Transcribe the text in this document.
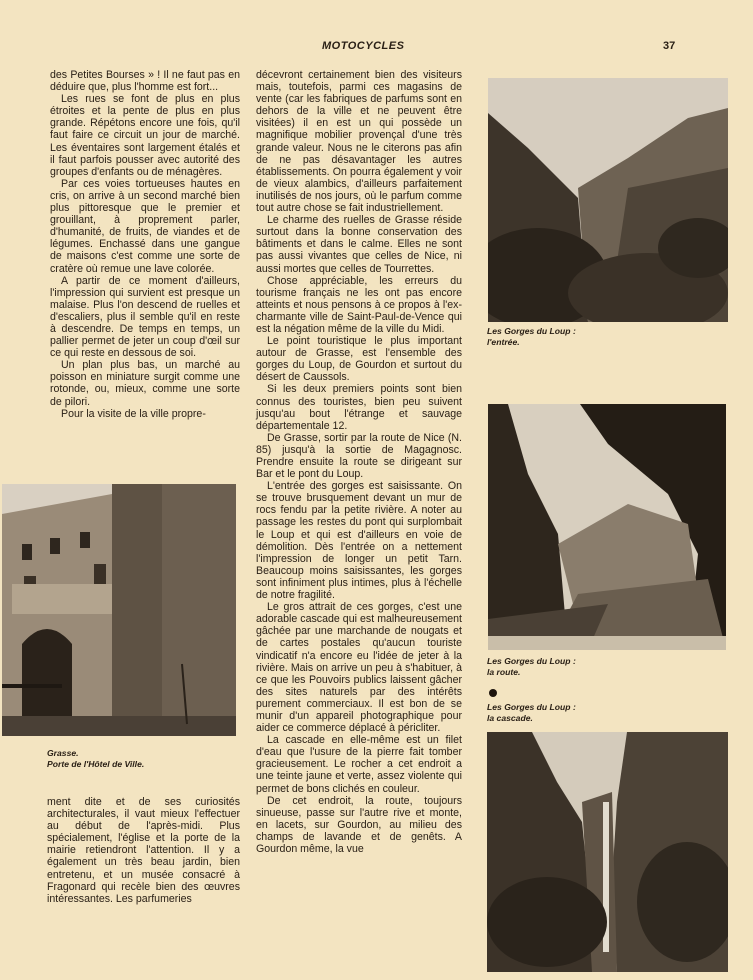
MOTOCYCLES	37

des Petites Bourses » ! Il ne faut pas en déduire que, plus l'homme est fort...

Les rues se font de plus en plus étroites et la pente de plus en plus grande. Répétons encore une fois, qu'il faut faire ce circuit un jour de marché. Les éventaires sont largement étalés et il faut parfois pousser avec autorité des groupes d'enfants ou de ménagères.

Par ces voies tortueuses hautes en cris, on arrive à un second marché bien plus pittoresque que le premier et grouillant, à proprement parler, d'humanité, de fruits, de viandes et de légumes. Enchassé dans une gangue de maisons c'est comme une sorte de cratère où remue une lave colorée.

A partir de ce moment d'ailleurs, l'impression qui survient est presque un malaise. Plus l'on descend de ruelles et d'escaliers, plus il semble qu'il en reste à descendre. De temps en temps, un pallier permet de jeter un coup d'œil sur ce qui reste en dessous de soi.

Un plan plus bas, un marché au poisson en miniature surgit comme une rotonde, ou, mieux, comme une sorte de pilori.

Pour la visite de la ville propre-

Grasse.
Porte de l'Hôtel de Ville.

ment dite et de ses curiosités architecturales, il vaut mieux l'effectuer au début de l'après-midi. Plus spécialement, l'église et la porte de la mairie retiendront l'attention. Il y a également un très beau jardin, bien entretenu, et un musée consacré à Fragonard qui recèle bien des œuvres intéressantes. Les parfumeries

décevront certainement bien des visiteurs mais, toutefois, parmi ces magasins de vente (car les fabriques de parfums sont en dehors de la ville et ne peuvent être visitées) il en est un qui possède un magnifique mobilier provençal d'une très grande valeur. Nous ne le citerons pas afin de ne pas désavantager les autres établissements. On pourra également y voir de vieux alambics, d'ailleurs parfaitement inutilisés de nos jours, où le parfum comme tout autre chose se fait industriellement.

Le charme des ruelles de Grasse réside surtout dans la bonne conservation des bâtiments et dans le calme. Elles ne sont pas aussi vivantes que celles de Nice, ni aussi mortes que celles de Tourrettes.

Chose appréciable, les erreurs du tourisme français ne les ont pas encore atteints et nous pensons à ce propos à l'ex-charmante ville de Saint-Paul-de-Vence qui est la négation même de la ville du Midi.

Le point touristique le plus important autour de Grasse, est l'ensemble des gorges du Loup, de Gourdon et surtout du désert de Caussols.

Si les deux premiers points sont bien connus des touristes, bien peu suivent jusqu'au bout l'étrange et sauvage départementale 12.

De Grasse, sortir par la route de Nice (N. 85) jusqu'à la sortie de Magagnosc. Prendre ensuite la route se dirigeant sur Bar et le pont du Loup.

L'entrée des gorges est saisissante. On se trouve brusquement devant un mur de rocs fendu par la petite rivière. A noter au passage les restes du pont qui surplombait le Loup et qui est d'ailleurs en voie de démolition. Dès l'entrée on a nettement l'impression de longer un petit Tarn. Beaucoup moins saisissantes, les gorges sont infiniment plus intimes, plus à l'échelle de notre fragilité.

Le gros attrait de ces gorges, c'est une adorable cascade qui est malheureusement gâchée par une marchande de nougats et de cartes postales qu'aucun touriste vindicatif n'a encore eu l'idée de jeter à la rivière. Mais on arrive un peu à s'habituer, à ce que les Pouvoirs publics laissent gâcher des sites naturels par des intérêts purement commerciaux. Il est bon de se munir d'un appareil photographique pour aider ce commerce déplacé à péricliter.

La cascade en elle-même est un filet d'eau que l'usure de la pierre fait tomber gracieusement. Le rocher a cet endroit a une teinte jaune et verte, assez violente qui permet de bons clichés en couleur.

De cet endroit, la route, toujours sinueuse, passe sur l'autre rive et monte, en lacets, sur Gourdon, au milieu des champs de lavande et de genêts. A Gourdon même, la vue

Les Gorges du Loup :
l'entrée.
Les Gorges du Loup :
la route.
Les Gorges du Loup :
la cascade.
